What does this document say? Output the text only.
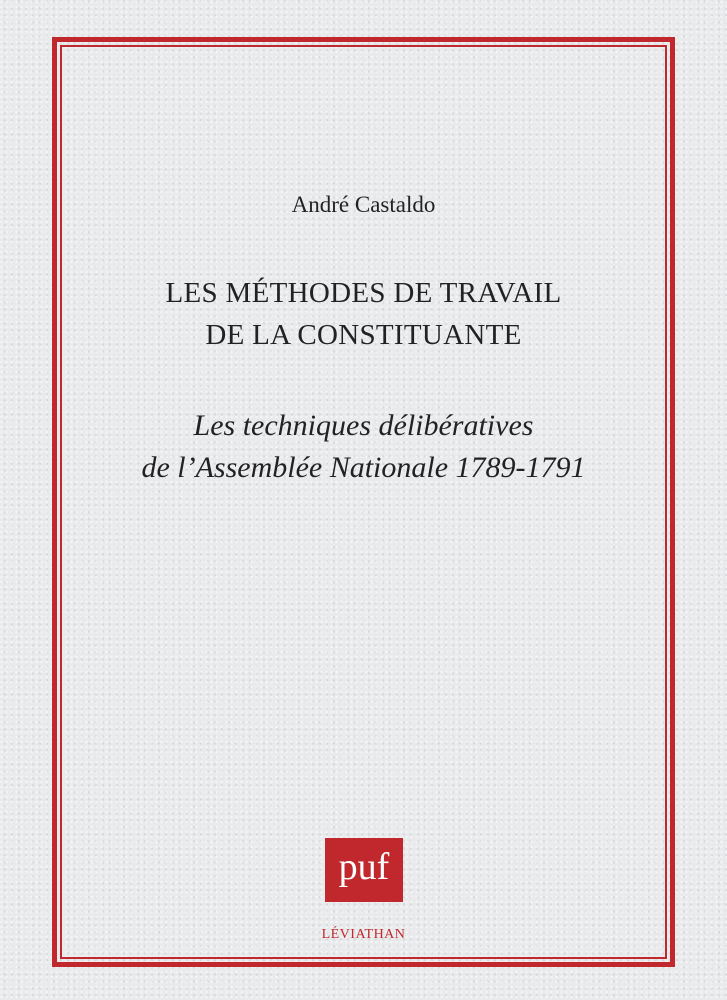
André Castaldo
LES MÉTHODES DE TRAVAIL
DE LA CONSTITUANTE
Les techniques délibératives
de l’Assemblée Nationale 1789-1791
puf
LÉVIATHAN
